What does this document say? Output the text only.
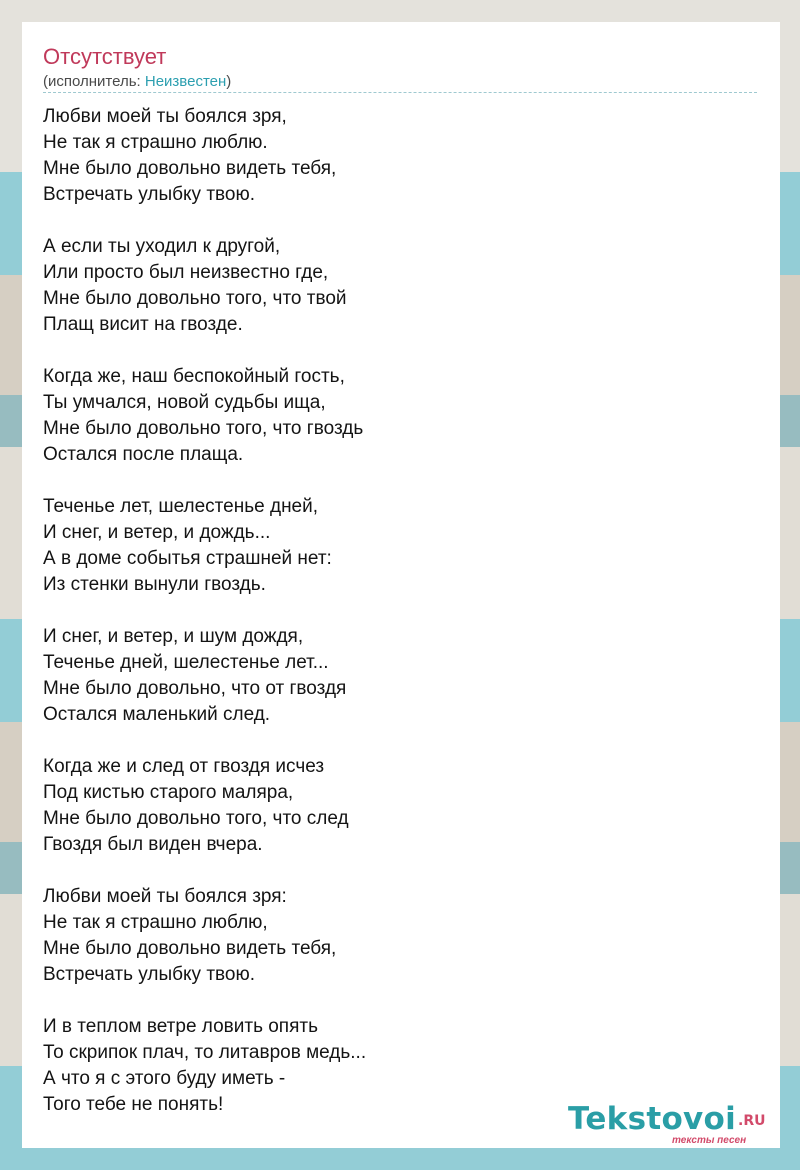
Отсутствует
(исполнитель: Неизвестен)
Любви моей ты боялся зря,
Не так я страшно люблю.
Мне было довольно видеть тебя,
Встречать улыбку твою.
А если ты уходил к другой,
Или просто был неизвестно где,
Мне было довольно того, что твой
Плащ висит на гвозде.
Когда же, наш беспокойный гость,
Ты умчался, новой судьбы ища,
Мне было довольно того, что гвоздь
Остался после плаща.
Теченье лет, шелестенье дней,
И снег, и ветер, и дождь...
А в доме событья страшней нет:
Из стенки вынули гвоздь.
И снег, и ветер, и шум дождя,
Теченье дней, шелестенье лет...
Мне было довольно, что от гвоздя
Остался маленький след.
Когда же и след от гвоздя исчез
Под кистью старого маляра,
Мне было довольно того, что след
Гвоздя был виден вчера.
Любви моей ты боялся зря:
Не так я страшно люблю,
Мне было довольно видеть тебя,
Встречать улыбку твою.
И в теплом ветре ловить опять
То скрипок плач, то литавров медь...
А что я с этого буду иметь -
Того тебе не понять!	Tekstovoi .RU
тексты песен
